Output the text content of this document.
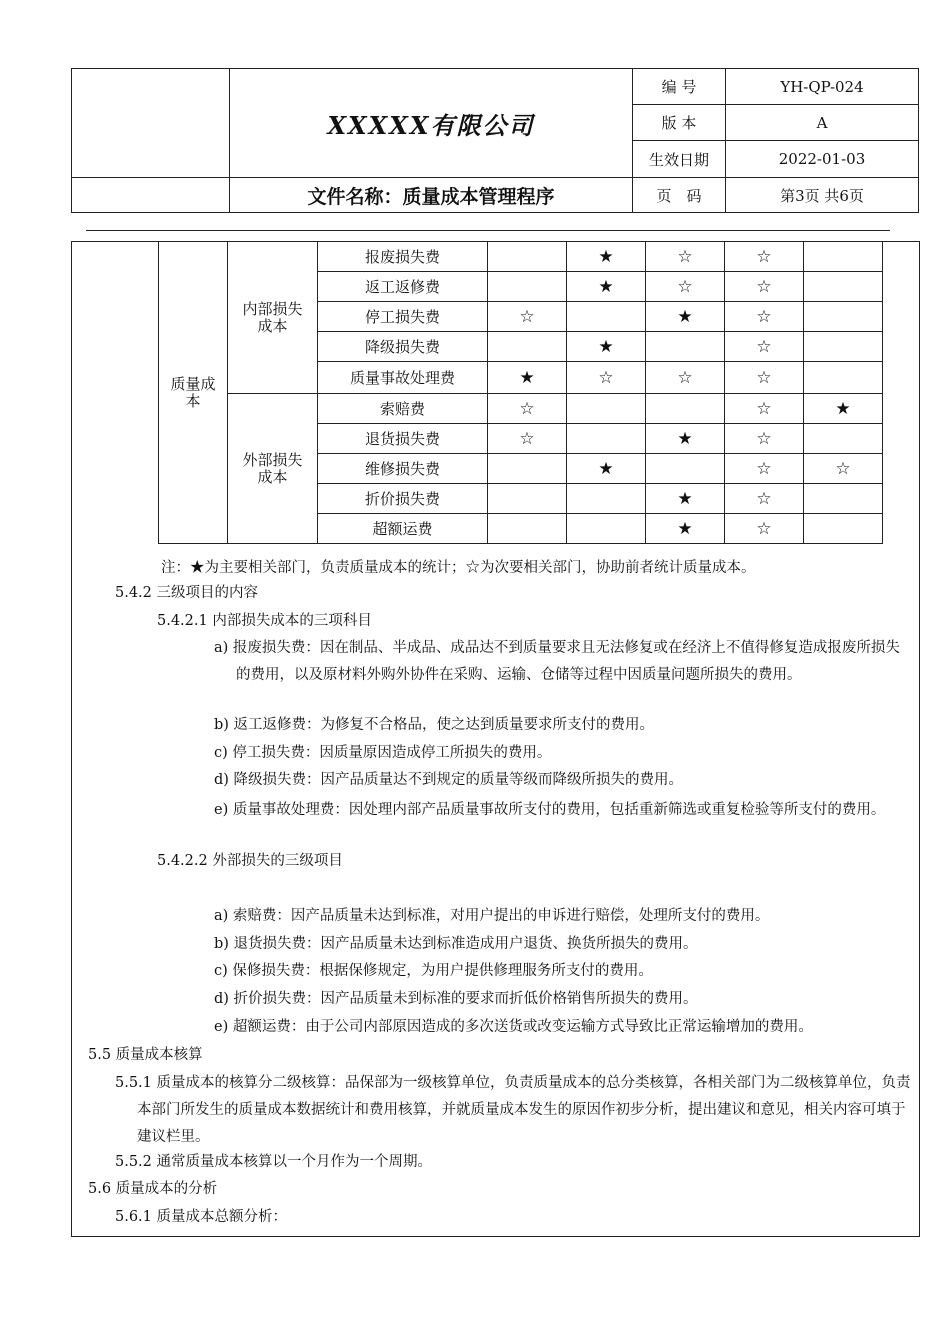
	XXXXX有限公司	编 号	YH-QP-024
		版 本	A
		生效日期	2022-01-03
	文件名称：质量成本管理程序	页　码	第3页 共6页
质量成本	内部损失成本	报废损失费		★	☆	☆	
		返工返修费		★	☆	☆	
		停工损失费	☆		★	☆	
		降级损失费		★		☆	
		质量事故处理费	★	☆	☆	☆	
	外部损失成本	索赔费	☆			☆	★
		退货损失费	☆		★	☆	
		维修损失费		★		☆	☆
		折价损失费			★	☆	
		超额运费			★	☆	
注：★为主要相关部门，负责质量成本的统计；☆为次要相关部门，协助前者统计质量成本。
5.4.2 三级项目的内容
5.4.2.1 内部损失成本的三项科目
a) 报废损失费：因在制品、半成品、成品达不到质量要求且无法修复或在经济上不值得修复造成报废所损失的费用，以及原材料外购外协件在采购、运输、仓储等过程中因质量问题所损失的费用。
b) 返工返修费：为修复不合格品，使之达到质量要求所支付的费用。
c) 停工损失费：因质量原因造成停工所损失的费用。
d) 降级损失费：因产品质量达不到规定的质量等级而降级所损失的费用。
e) 质量事故处理费：因处理内部产品质量事故所支付的费用，包括重新筛选或重复检验等所支付的费用。
5.4.2.2 外部损失的三级项目
a) 索赔费：因产品质量未达到标准，对用户提出的申诉进行赔偿，处理所支付的费用。
b) 退货损失费：因产品质量未达到标准造成用户退货、换货所损失的费用。
c) 保修损失费：根据保修规定，为用户提供修理服务所支付的费用。
d) 折价损失费：因产品质量未到标准的要求而折低价格销售所损失的费用。
e) 超额运费：由于公司内部原因造成的多次送货或改变运输方式导致比正常运输增加的费用。
5.5 质量成本核算
5.5.1 质量成本的核算分二级核算：品保部为一级核算单位，负责质量成本的总分类核算，各相关部门为二级核算单位，负责本部门所发生的质量成本数据统计和费用核算，并就质量成本发生的原因作初步分析，提出建议和意见，相关内容可填于建议栏里。
5.5.2 通常质量成本核算以一个月作为一个周期。
5.6 质量成本的分析
5.6.1 质量成本总额分析：
